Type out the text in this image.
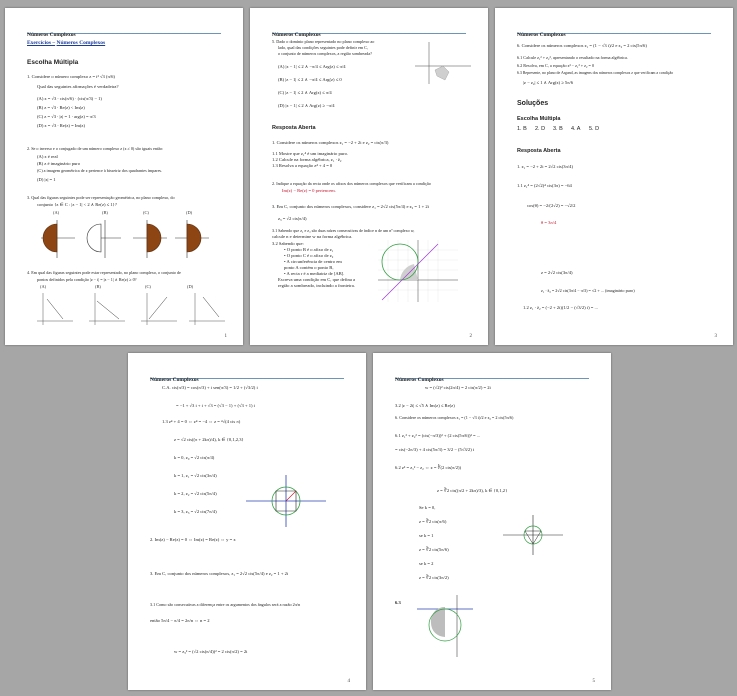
Números Complexos
Exercícios – Números Complexos
Escolha Múltipla
1. Considere o número complexo z = i² √3 (π/6)
Qual das seguintes afirmações é verdadeira?
(A) z = √3 ∙ cis(π/6) · (cis(π/3) − 1)
(B) z = √3 ∙ Re(z) < Im(z)
(C) z = √3 ∙ |z| = 1 ∙ arg(z) = π/3
(D) z = √3 ∙ Re(z) = Im(z)
2. Se o inverso e o conjugado de um número complexo z (z ≠ 0) são iguais então:
(A) z é real
(B) z é imaginário puro
(C) a imagem geométrica de z pertence à bissetriz dos quadrantes ímpares.
(D) |z| = 1
3. Qual das figuras seguintes pode ser representação geométrica, no plano complexo, do
conjunto {z ∈ C : |z − 1| < 2 ∧ Re(z) ≤ 1}?
(A)	(B)	(C)	(D)
4. Em qual das figuras seguintes pode estar representado, no plano complexo, o conjunto de
pontos definidos pela condição |z − i| = |z − 1| ∧ Re(z) ≥ 0?
(A)	(B)	(C)	(D)
1
Números Complexos
5. Dado o domínio plano representado no plano complexo ao
lado, qual das condições seguintes pode definir em C,
o conjunto de números complexos, a região sombreada?
(A) |z − 1| ≤ 2 ∧ −π/4 ≤ Arg(z) ≤ π/4
(B) |z − 1| ≤ 2 ∧ −π/4 ≤ Arg(z) ≤ 0
(C) |z − 1| ≤ 2 ∧ Arg(z) ≤ π/4
(D) |z − 1| ≤ 2 ∧ Arg(z) ≥ −π/4
Resposta Aberta
1. Considere os números complexos z₁ = −2 + 2i e z₂ = cis(π/3)
1.1 Mostre que z₁⁴ é um imaginário puro.
1.2 Calcule na forma algébrica, z₁ ∙ z̄₂
1.3 Resolva a equação z⁴ + 4 = 0
2. Indique a equação da recta onde os afixos dos números complexos que verificam a condição
Im(z) − Re(z) = 0 pertencem.
3. Em C, conjunto dos números complexos, considere z₁ = 2√2 cis(5π/4) e z₂ = 1 + 2i
z₃ = √2 cis(π/4)
3.1 Sabendo que z₁ e z₃ são duas raízes consecutivas de índice n de um nº complexo w,
calcule n e determine w na forma algébrica.
3.2 Sabendo que:
• O ponto B é o afixo de z₁
• O ponto C é o afixo de z₂
• A circunferência de centro em
ponto A contém o ponto B,
• A recta r é a mediatriz de [AB].
Escreva uma condição em C, que defina a
região a sombreado, incluindo a fronteira.
2
Números Complexos
6. Considere os números complexos z₁ = (1 − √3 i)/2 e z₂ = 2 cis(5π/6)
6.1 Calcule z₁² + z₂², apresentando o resultado na forma algébrica.
6.2 Resolva, em C, a equação z³ − z₁² + z₂ = 0
6.3 Represente, no plano de Argand, as imagens dos números complexos z que verificam a condição
|z − z₂| ≤ 1 ∧ Arg(z) ≥ 5π/6
Soluções
Escolha Múltipla
1. B 2. D 3. B 4. A 5. D
Resposta Aberta
1. z₁ = −2 + 2i = 2√2 cis(3π/4)
1.1 z₁⁴ = (2√2)⁴ cis(3π) = −64
cos(θ) = −2/(2√2) = −√2/2
θ = 3π/4
z = 2√2 cis(3π/4)
z₁ ∙ z̄₂ = 2√2 cis(3π/4 − π/3) = √2 + ... (imaginário puro)
1.2 z₁ ∙ z̄₂ = (−2 + 2i)(1/2 − (√3/2) i) = ...
3
Números Complexos
C.A. cis(π/3) = cos(π/3) + i sen(π/3) = 1/2 + (√3/2) i
= −1 + √3 i + i + √3 = (√3 − 1) + (√3 + 1) i
1.3 z⁴ + 4 = 0 ⇔ z⁴ = −4 ⇔ z = ⁴√(4 cis π)
z = √2 cis((π + 2kπ)/4), k ∈ {0,1,2,3}
k = 0, z₀ = √2 cis(π/4)
k = 1, z₁ = √2 cis(3π/4)
k = 2, z₂ = √2 cis(5π/4)
k = 3, z₃ = √2 cis(7π/4)
2. Im(z) − Re(z) = 0 ⇔ Im(z) = Re(z) ⇔ y = x
3. Em C, conjunto dos números complexos, z₁ = 2√2 cis(5π/4) e z₂ = 1 + 2i
3.1 Como são consecutivas a diferença entre os argumentos dos ângulos será a razão 2π/n
então 5π/4 − π/4 = 2π/n ⇔ n = 2
w = z₃² = (√2 cis(π/4))² = 2 cis(π/2) = 2i
4
Números Complexos
w = (√2)² cis(2π/4) = 2 cis(π/2) = 2i
3.2 |z − 2i| ≤ √5 ∧ Im(z) ≤ Re(z)
6. Considere os números complexos z₁ = (1 − √3 i)/2 e z₂ = 2 cis(5π/6)
6.1 z₁² + z₂² = (cis(−π/3))² + (2 cis(5π/6))² = ...
= cis(−2π/3) + 4 cis(5π/3) = 3/2 − (5√3/2) i
6.2 z³ = z₁² − z₂ ⇔ z = ∛(2 cis(π/2))
z = ∛2 cis((π/2 + 2kπ)/3), k ∈ {0,1,2}
Se k = 0,
z = ∛2 cis(π/6)
se k = 1
z = ∛2 cis(5π/6)
se k = 2
z = ∛2 cis(3π/2)
6.3
5
